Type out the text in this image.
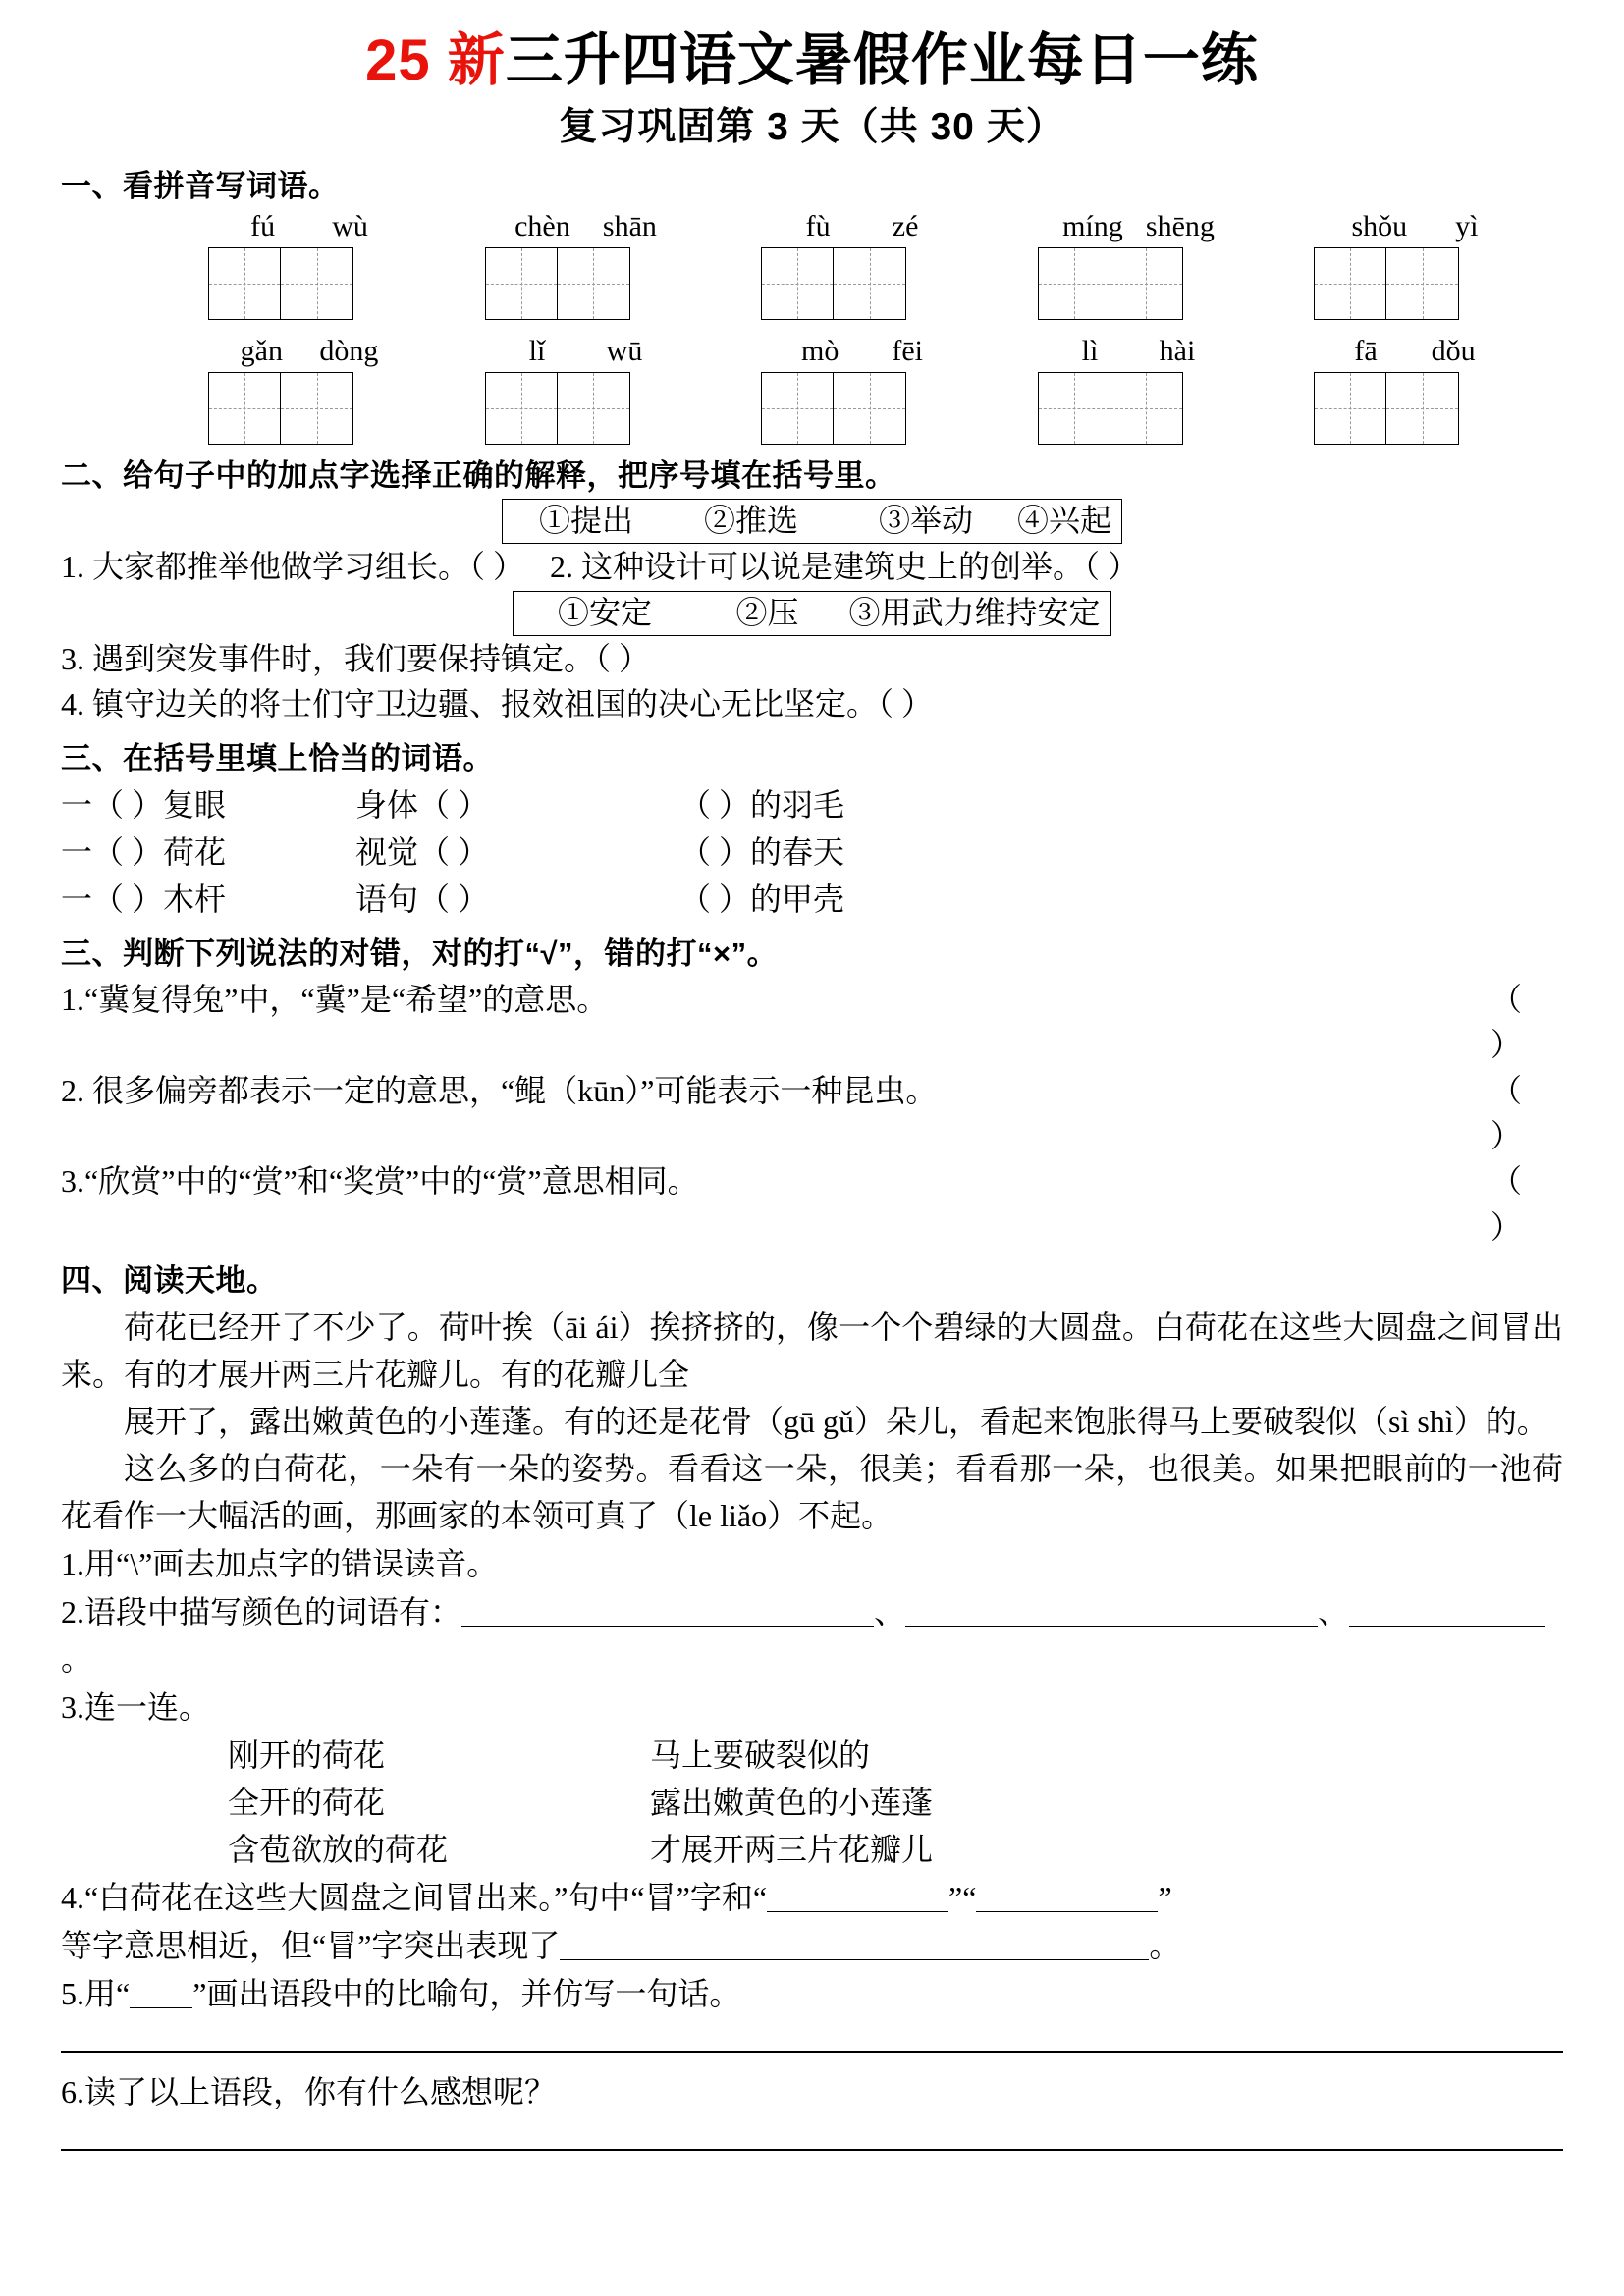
25 新三升四语文暑假作业每日一练
复习巩固第 3 天（共 30 天）
一、看拼音写词语。
fú wù	chèn shān	fù zé	míng shēng	shǒu yì
gǎn dòng	lǐ wū	mò fēi	lì hài	fā dǒu
二、给句子中的加点字选择正确的解释，把序号填在括号里。
①提出 ②推选	③举动 ④兴起
1. 大家都推举他做学习组长。（ ） 2. 这种设计可以说是建筑史上的创举。（ ）
①安定	②压 ③用武力维持安定
3. 遇到突发事件时，我们要保持镇定。（ ）
4. 镇守边关的将士们守卫边疆、报效祖国的决心无比坚定。（ ）
三、在括号里填上恰当的词语。
一（ ）复眼	身体（ ）	（ ）的羽毛
一（ ）荷花	视觉（ ）	（ ）的春天
一（ ）木杆	语句（ ）	（ ）的甲壳
三、判断下列说法的对错，对的打“√”，错的打“×”。
1.“冀复得兔”中，“冀”是“希望”的意思。	（ ）
2. 很多偏旁都表示一定的意思，“鲲（kūn）”可能表示一种昆虫。	（ ）
3.“欣赏”中的“赏”和“奖赏”中的“赏”意思相同。	（ ）
四、阅读天地。
荷花已经开了不少了。荷叶挨（āi ái）挨挤挤的，像一个个碧绿的大圆盘。白荷花在这些大圆盘之间冒出来。有的才展开两三片花瓣儿。有的花瓣儿全
展开了，露出嫩黄色的小莲蓬。有的还是花骨（gū gǔ）朵儿，看起来饱胀得马上要破裂似（sì shì）的。
这么多的白荷花，一朵有一朵的姿势。看看这一朵，很美；看看那一朵，也很美。如果把眼前的一池荷花看作一大幅活的画，那画家的本领可真了（le liǎo）不起。
1.用“\”画去加点字的错误读音。
2.语段中描写颜色的词语有：	、	、。
3.连一连。
刚开的荷花	马上要破裂似的
全开的荷花	露出嫩黄色的小莲蓬
含苞欲放的荷花	才展开两三片花瓣儿
4.“白荷花在这些大圆盘之间冒出来。”句中“冒”字和“	”“	”
等字意思相近，但“冒”字突出表现了	。
5.用“ ”画出语段中的比喻句，并仿写一句话。
6.读了以上语段，你有什么感想呢？
